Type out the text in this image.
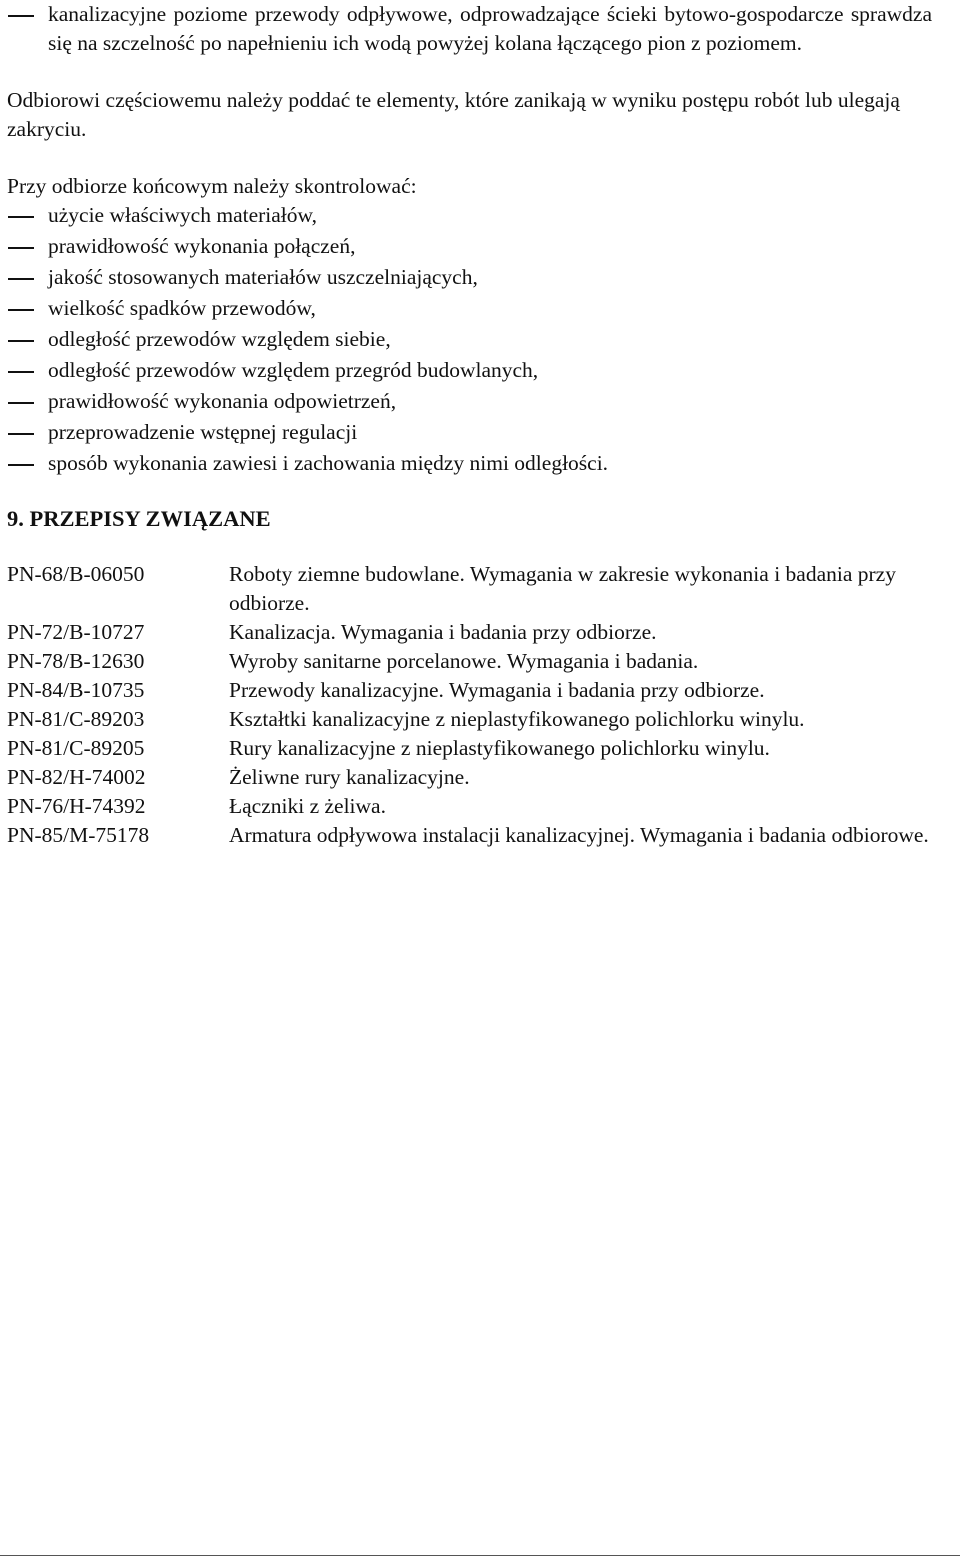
kanalizacyjne poziome przewody odpływowe, odprowadzające ścieki bytowo-gospodarcze sprawdza się na szczelność po napełnieniu ich wodą powyżej kolana łączącego pion z poziomem.

Odbiorowi częściowemu należy poddać te elementy, które zanikają w wyniku postępu robót lub ulegają zakryciu.

Przy odbiorze końcowym należy skontrolować:

użycie właściwych materiałów,
prawidłowość wykonania połączeń,
jakość stosowanych materiałów uszczelniających,
wielkość spadków przewodów,
odległość przewodów względem siebie,
odległość przewodów względem przegród budowlanych,
prawidłowość wykonania odpowietrzeń,
przeprowadzenie wstępnej regulacji
sposób wykonania zawiesi i zachowania między nimi odległości.
9. PRZEPISY ZWIĄZANE
PN-68/B-06050	Roboty ziemne budowlane. Wymagania w zakresie wykonania i badania przy odbiorze.
PN-72/B-10727	Kanalizacja. Wymagania i badania przy odbiorze.
PN-78/B-12630	Wyroby sanitarne porcelanowe. Wymagania i badania.
PN-84/B-10735	Przewody kanalizacyjne. Wymagania i badania przy odbiorze.
PN-81/C-89203	Kształtki kanalizacyjne z nieplastyfikowanego polichlorku winylu.
PN-81/C-89205	Rury kanalizacyjne z nieplastyfikowanego polichlorku winylu.
PN-82/H-74002	Żeliwne rury kanalizacyjne.
PN-76/H-74392	Łączniki z żeliwa.
PN-85/M-75178	Armatura odpływowa instalacji kanalizacyjnej. Wymagania i badania odbiorowe.
